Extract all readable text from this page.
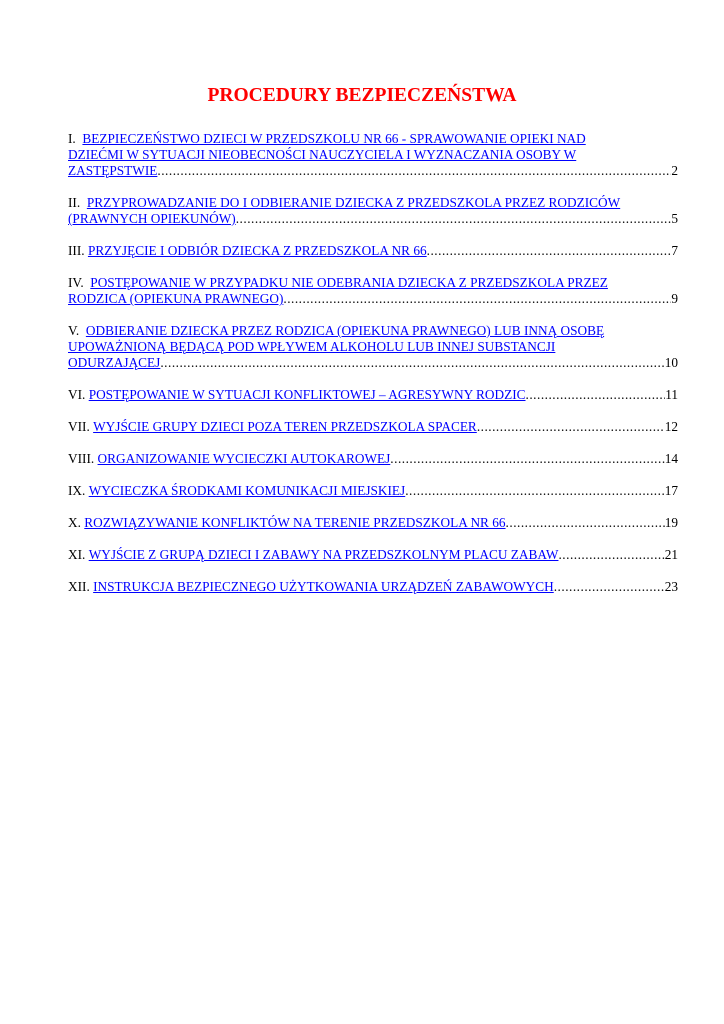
PROCEDURY BEZPIECZEŃSTWA
I. BEZPIECZEŃSTWO DZIECI W PRZEDSZKOLU NR 66 - SPRAWOWANIE OPIEKI NAD
DZIEĆMI W SYTUACJI NIEOBECNOŚCI NAUCZYCIELA I WYZNACZANIA OSOBY W
ZASTĘPSTWIE .....	2
II. PRZYPROWADZANIE DO I ODBIERANIE DZIECKA Z PRZEDSZKOLA PRZEZ RODZICÓW
(PRAWNYCH OPIEKUNÓW) .....	5
III.
PRZYJĘCIE I ODBIÓR DZIECKA Z PRZEDSZKOLA NR 66 .....	7
IV. POSTĘPOWANIE W PRZYPADKU NIE ODEBRANIA DZIECKA Z PRZEDSZKOLA PRZEZ
RODZICA (OPIEKUNA PRAWNEGO) .....	9
V. ODBIERANIE DZIECKA PRZEZ RODZICA (OPIEKUNA PRAWNEGO) LUB INNĄ OSOBĘ
UPOWAŻNIONĄ BĘDĄCĄ POD WPŁYWEM ALKOHOLU LUB INNEJ SUBSTANCJI
ODURZAJĄCEJ .....	10
VI.
POSTĘPOWANIE W SYTUACJI KONFLIKTOWEJ – AGRESYWNY RODZIC .....	11
VII.
WYJŚCIE GRUPY DZIECI POZA TEREN PRZEDSZKOLA SPACER .....	12
VIII.
ORGANIZOWANIE WYCIECZKI AUTOKAROWEJ .....	14
IX.
WYCIECZKA ŚRODKAMI KOMUNIKACJI MIEJSKIEJ .....	17
X.
ROZWIĄZYWANIE KONFLIKTÓW NA TERENIE PRZEDSZKOLA NR 66 .....	19
XI.
WYJŚCIE Z GRUPĄ DZIECI I ZABAWY NA PRZEDSZKOLNYM PLACU ZABAW .....	21
XII.
INSTRUKCJA BEZPIECZNEGO UŻYTKOWANIA URZĄDZEŃ ZABAWOWYCH .....	23
